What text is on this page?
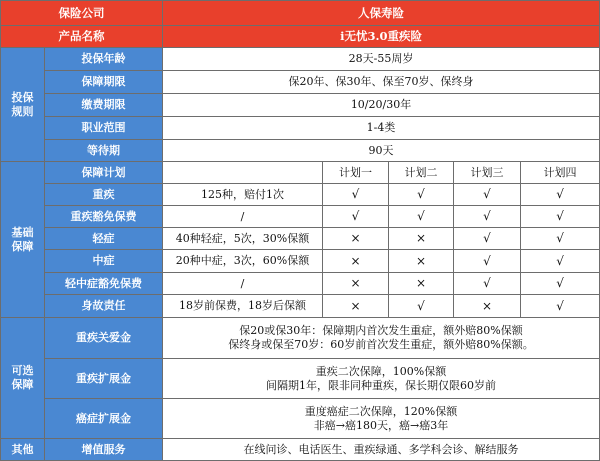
保险公司		人保寿险				
产品名称		i无忧3.0重疾险				
投保规则	投保年龄	28天-55周岁				
	保障期限	保20年、保30年、保至70岁、保终身				
	缴费期限	10/20/30年				
	职业范围	1-4类				
	等待期	90天				
基础保障	保障计划		计划一	计划二	计划三	计划四
	重疾	125种，赔付1次	√	√	√	√
	重疾豁免保费	/	√	√	√	√
	轻症	40种轻症，5次，30%保额	×	×	√	√
	中症	20种中症，3次，60%保额	×	×	√	√
	轻中症豁免保费	/	×	×	√	√
	身故责任	18岁前保费，18岁后保额	×	√	×	√
可选保障	重疾关爱金	保20或保30年：保障期内首次发生重症，额外赔80%保额
保终身或保至70岁：60岁前首次发生重症，额外赔80%保额。				

	重疾扩展金	重疾二次保障，100%保额
间隔期1年，限非同种重疾，保长期仅限60岁前				

	癌症扩展金	重度癌症二次保障，120%保额
非癌→癌180天，癌→癌3年				

其他	增值服务	在线问诊、电话医生、重疾绿通、多学科会诊、解结服务				
